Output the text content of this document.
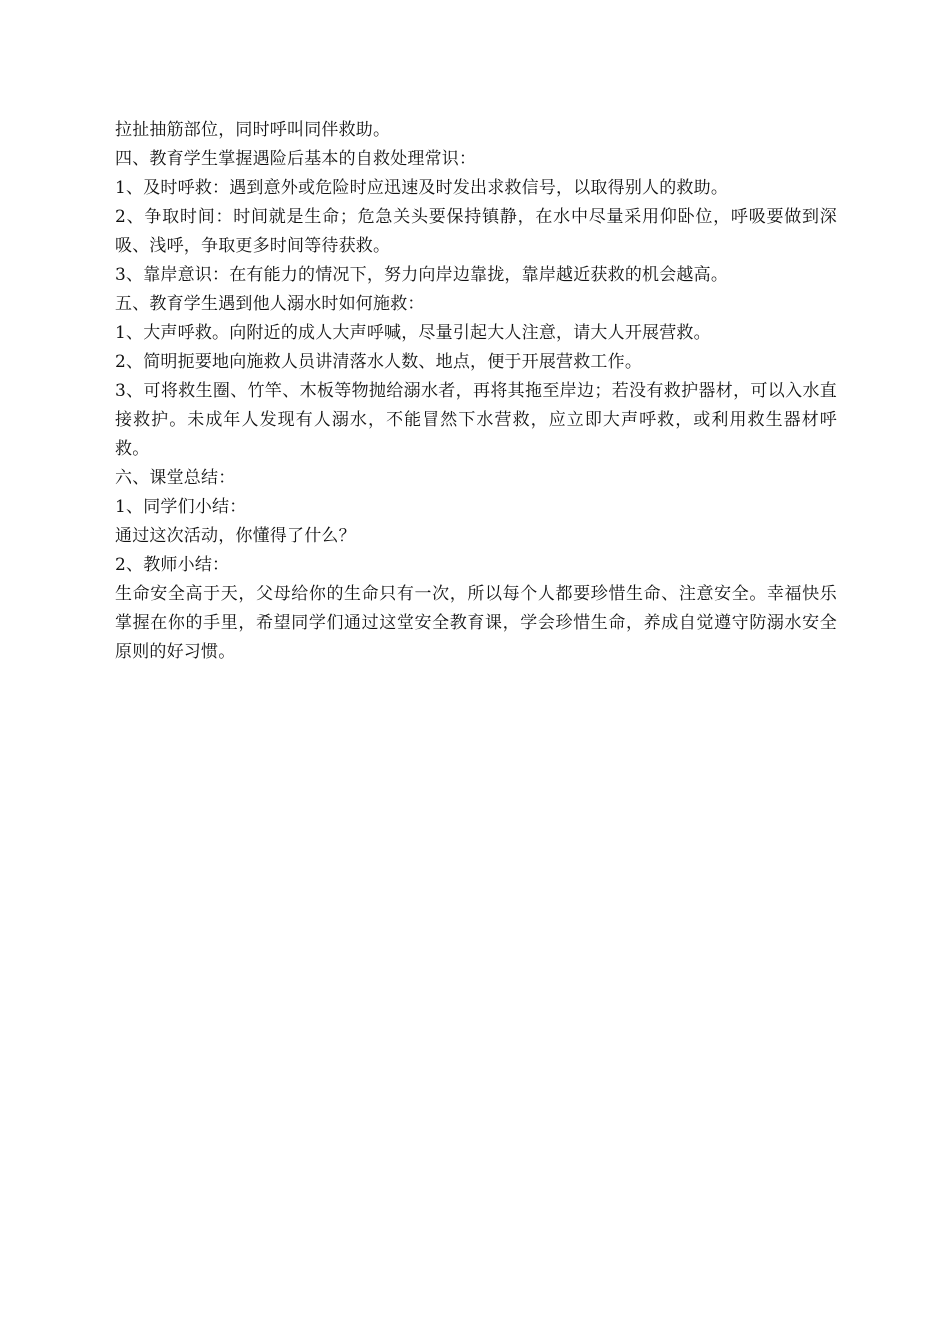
拉扯抽筋部位，同时呼叫同伴救助。

四、教育学生掌握遇险后基本的自救处理常识：

1、及时呼救：遇到意外或危险时应迅速及时发出求救信号，以取得别人的救助。

2、争取时间：时间就是生命；危急关头要保持镇静，在水中尽量采用仰卧位，呼吸要做到深吸、浅呼，争取更多时间等待获救。

3、靠岸意识：在有能力的情况下，努力向岸边靠拢，靠岸越近获救的机会越高。

五、教育学生遇到他人溺水时如何施救：

1、大声呼救。向附近的成人大声呼喊，尽量引起大人注意，请大人开展营救。

2、简明扼要地向施救人员讲清落水人数、地点，便于开展营救工作。

3、可将救生圈、竹竿、木板等物抛给溺水者，再将其拖至岸边；若没有救护器材，可以入水直接救护。未成年人发现有人溺水，不能冒然下水营救，应立即大声呼救，或利用救生器材呼救。

六、课堂总结：

1、同学们小结：

通过这次活动，你懂得了什么？

2、教师小结：

生命安全高于天，父母给你的生命只有一次，所以每个人都要珍惜生命、注意安全。幸福快乐掌握在你的手里，希望同学们通过这堂安全教育课，学会珍惜生命，养成自觉遵守防溺水安全原则的好习惯。
